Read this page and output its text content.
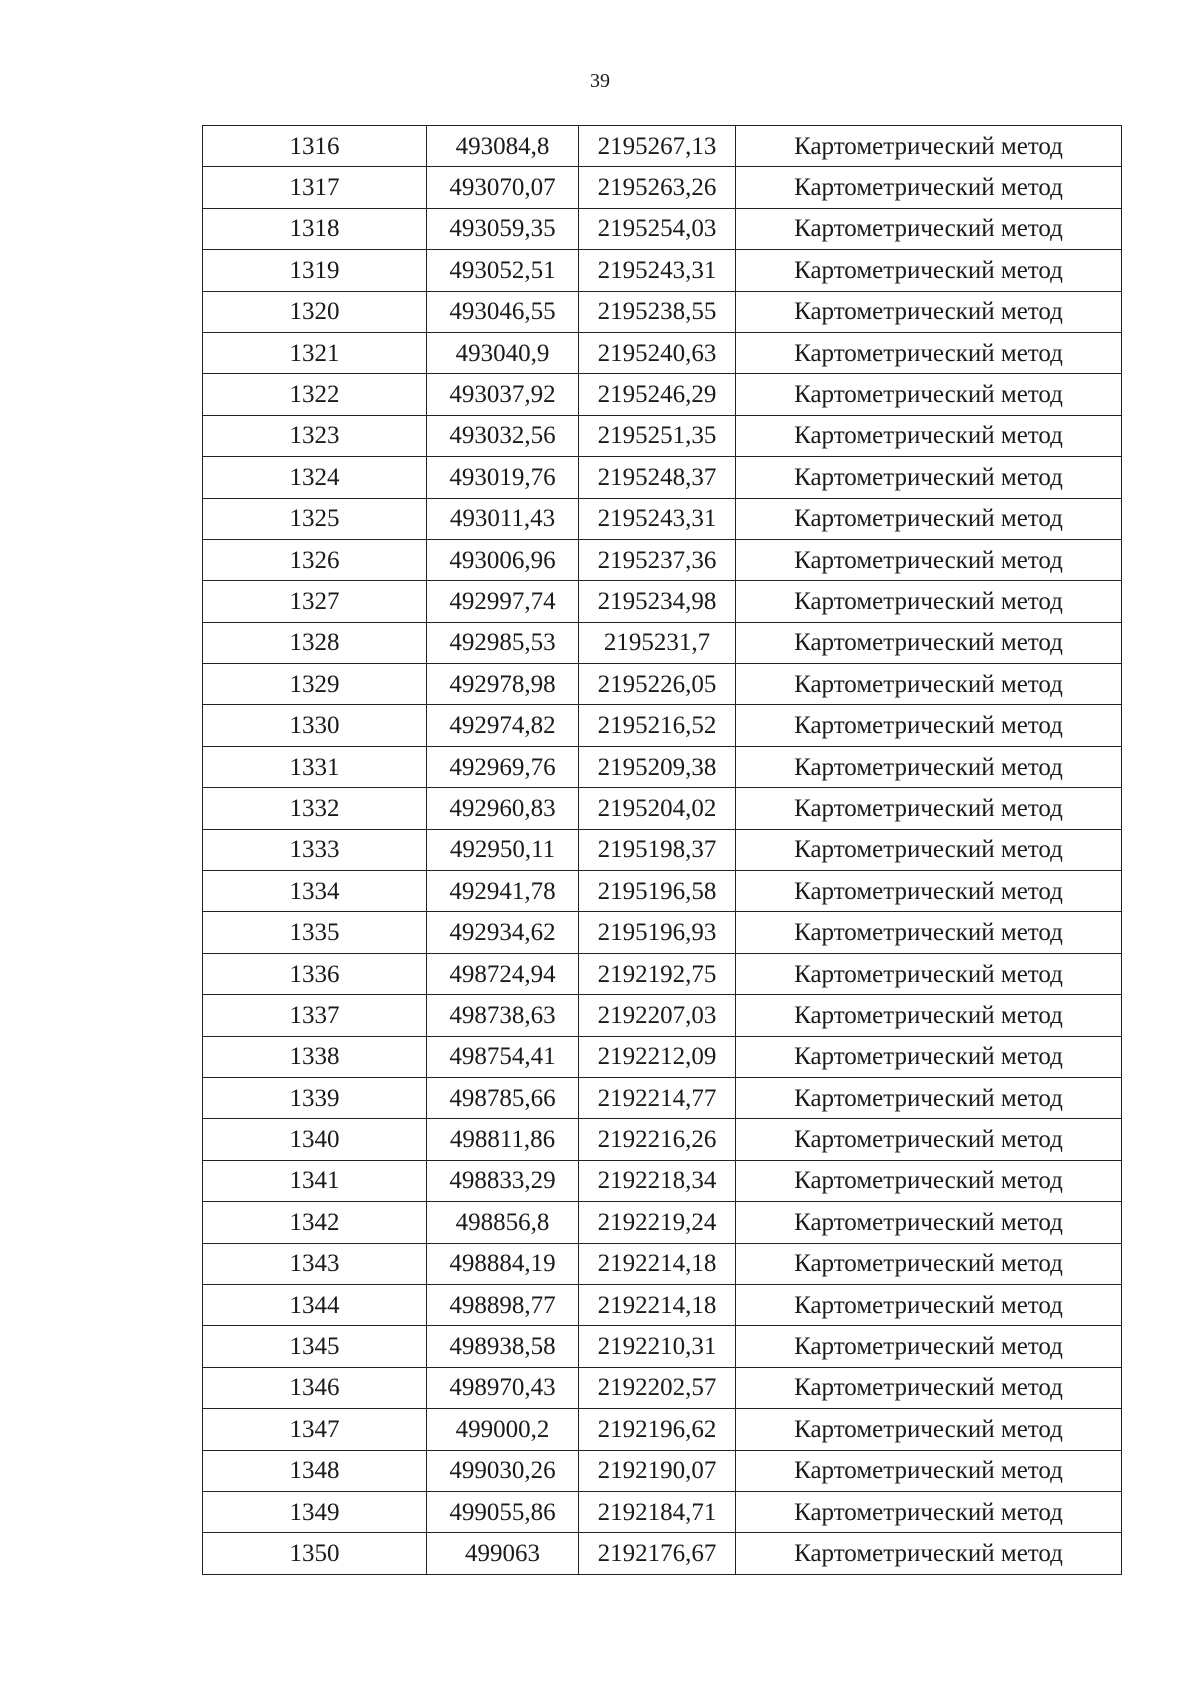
39
1316	493084,8	2195267,13	Картометрический метод
1317	493070,07	2195263,26	Картометрический метод
1318	493059,35	2195254,03	Картометрический метод
1319	493052,51	2195243,31	Картометрический метод
1320	493046,55	2195238,55	Картометрический метод
1321	493040,9	2195240,63	Картометрический метод
1322	493037,92	2195246,29	Картометрический метод
1323	493032,56	2195251,35	Картометрический метод
1324	493019,76	2195248,37	Картометрический метод
1325	493011,43	2195243,31	Картометрический метод
1326	493006,96	2195237,36	Картометрический метод
1327	492997,74	2195234,98	Картометрический метод
1328	492985,53	2195231,7	Картометрический метод
1329	492978,98	2195226,05	Картометрический метод
1330	492974,82	2195216,52	Картометрический метод
1331	492969,76	2195209,38	Картометрический метод
1332	492960,83	2195204,02	Картометрический метод
1333	492950,11	2195198,37	Картометрический метод
1334	492941,78	2195196,58	Картометрический метод
1335	492934,62	2195196,93	Картометрический метод
1336	498724,94	2192192,75	Картометрический метод
1337	498738,63	2192207,03	Картометрический метод
1338	498754,41	2192212,09	Картометрический метод
1339	498785,66	2192214,77	Картометрический метод
1340	498811,86	2192216,26	Картометрический метод
1341	498833,29	2192218,34	Картометрический метод
1342	498856,8	2192219,24	Картометрический метод
1343	498884,19	2192214,18	Картометрический метод
1344	498898,77	2192214,18	Картометрический метод
1345	498938,58	2192210,31	Картометрический метод
1346	498970,43	2192202,57	Картометрический метод
1347	499000,2	2192196,62	Картометрический метод
1348	499030,26	2192190,07	Картометрический метод
1349	499055,86	2192184,71	Картометрический метод
1350	499063	2192176,67	Картометрический метод
